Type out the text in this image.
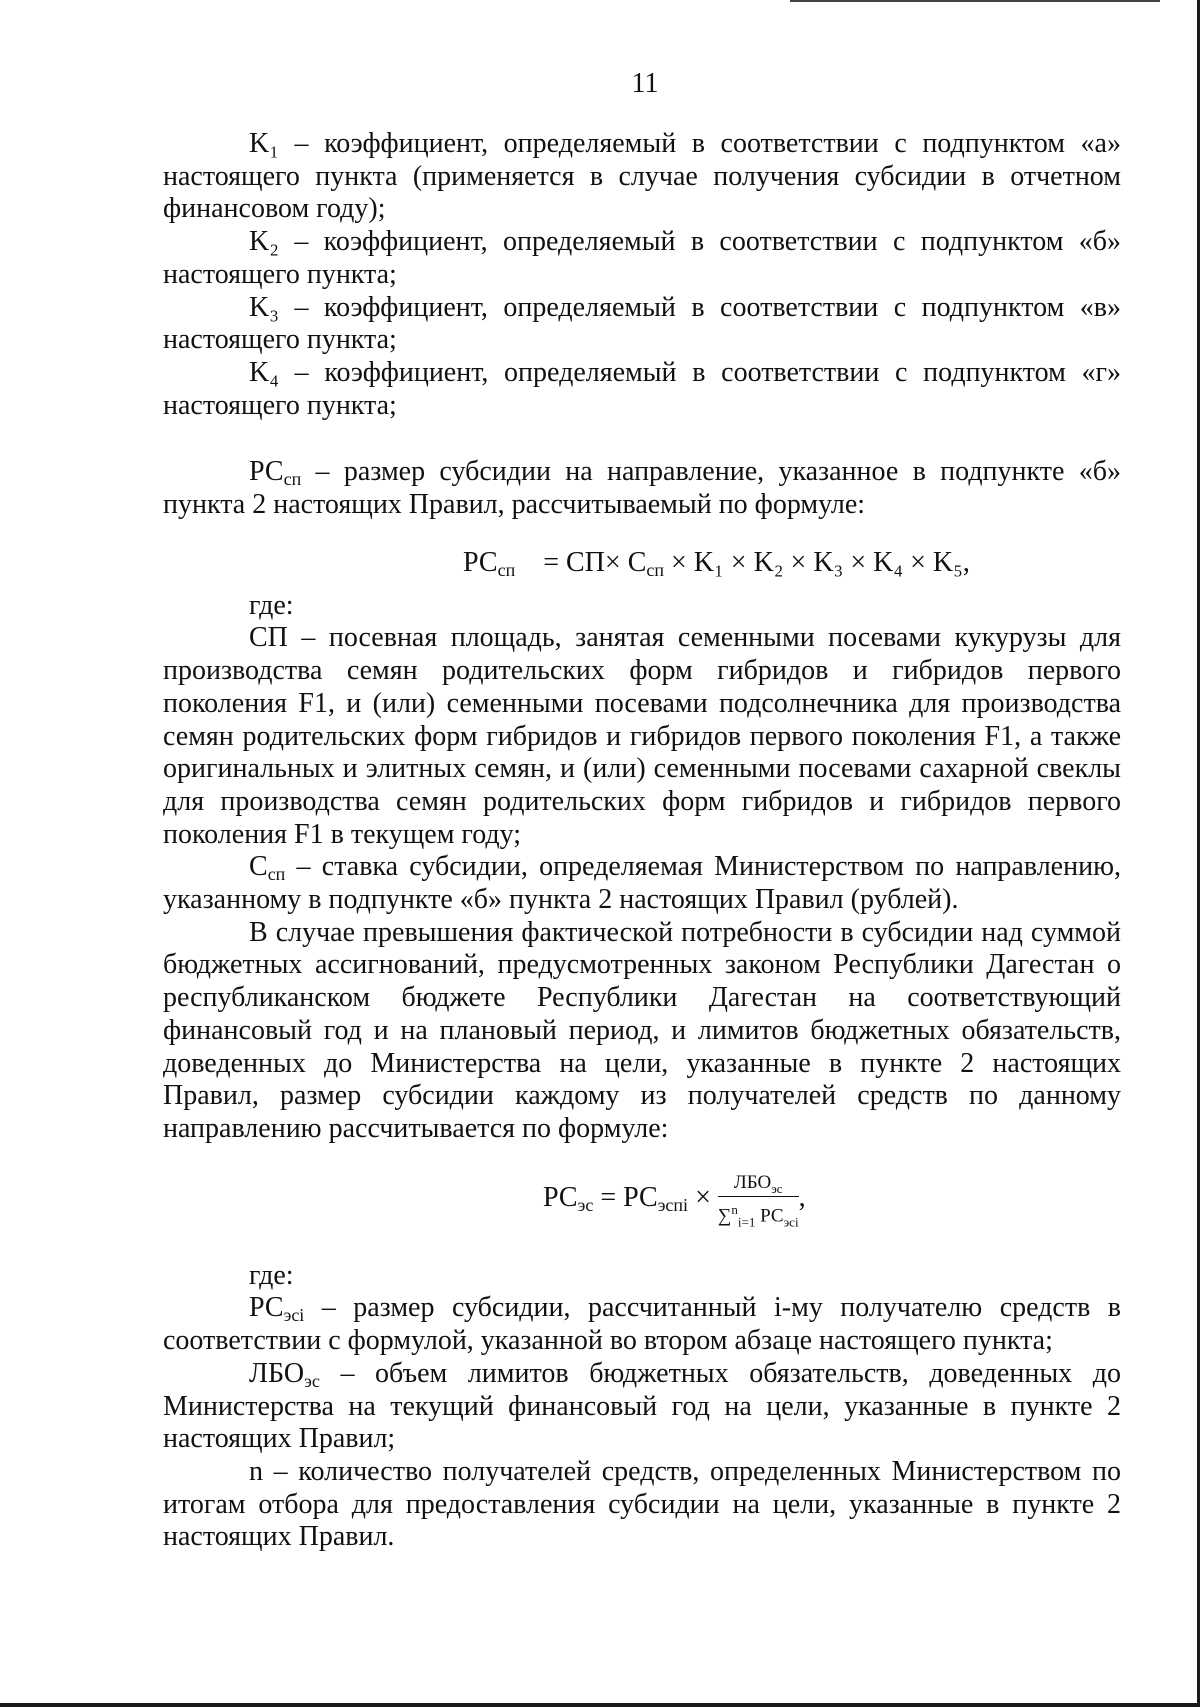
11

K₁ – коэффициент, определяемый в соответствии с подпунктом «а» настоящего пункта (применяется в случае получения субсидии в отчетном финансовом году);

K₂ – коэффициент, определяемый в соответствии с подпунктом «б» настоящего пункта;

K₃ – коэффициент, определяемый в соответствии с подпунктом «в» настоящего пункта;

K₄ – коэффициент, определяемый в соответствии с подпунктом «г» настоящего пункта;

$РС_{сп}$ – размер субсидии на направление, указанное в подпункте «б» пункта 2 настоящих Правил, рассчитываемый по формуле:

$РС_{сп} = СП\times С_{сп} \times K_1 \times K_2 \times K_3 \times K_4 \times K_5$,

где:

СП – посевная площадь, занятая семенными посевами кукурузы для производства семян родительских форм гибридов и гибридов первого поколения F1, и (или) семенными посевами подсолнечника для производства семян родительских форм гибридов и гибридов первого поколения F1, а также оригинальных и элитных семян, и (или) семенными посевами сахарной свеклы для производства семян родительских форм гибридов и гибридов первого поколения F1 в текущем году;

$С_{сп}$ – ставка субсидии, определяемая Министерством по направлению, указанному в подпункте «б» пункта 2 настоящих Правил (рублей).

В случае превышения фактической потребности в субсидии над суммой бюджетных ассигнований, предусмотренных законом Республики Дагестан о республиканском бюджете Республики Дагестан на соответствующий финансовый год и на плановый период, и лимитов бюджетных обязательств, доведенных до Министерства на цели, указанные в пункте 2 настоящих Правил, размер субсидии каждому из получателей средств по данному направлению рассчитывается по формуле:

$РС_{эс} = РС_{эспi} \times \frac{ЛБО_{эс}}{\sum^n_{i=1} РС_{эсi}}$ ,

где:

$РС_{эсi}$ – размер субсидии, рассчитанный i-му получателю средств в соответствии с формулой, указанной во втором абзаце настоящего пункта;

$ЛБО_{эс}$ – объем лимитов бюджетных обязательств, доведенных до Министерства на текущий финансовый год на цели, указанные в пункте 2 настоящих Правил;

n – количество получателей средств, определенных Министерством по итогам отбора для предоставления субсидии на цели, указанные в пункте 2 настоящих Правил.
